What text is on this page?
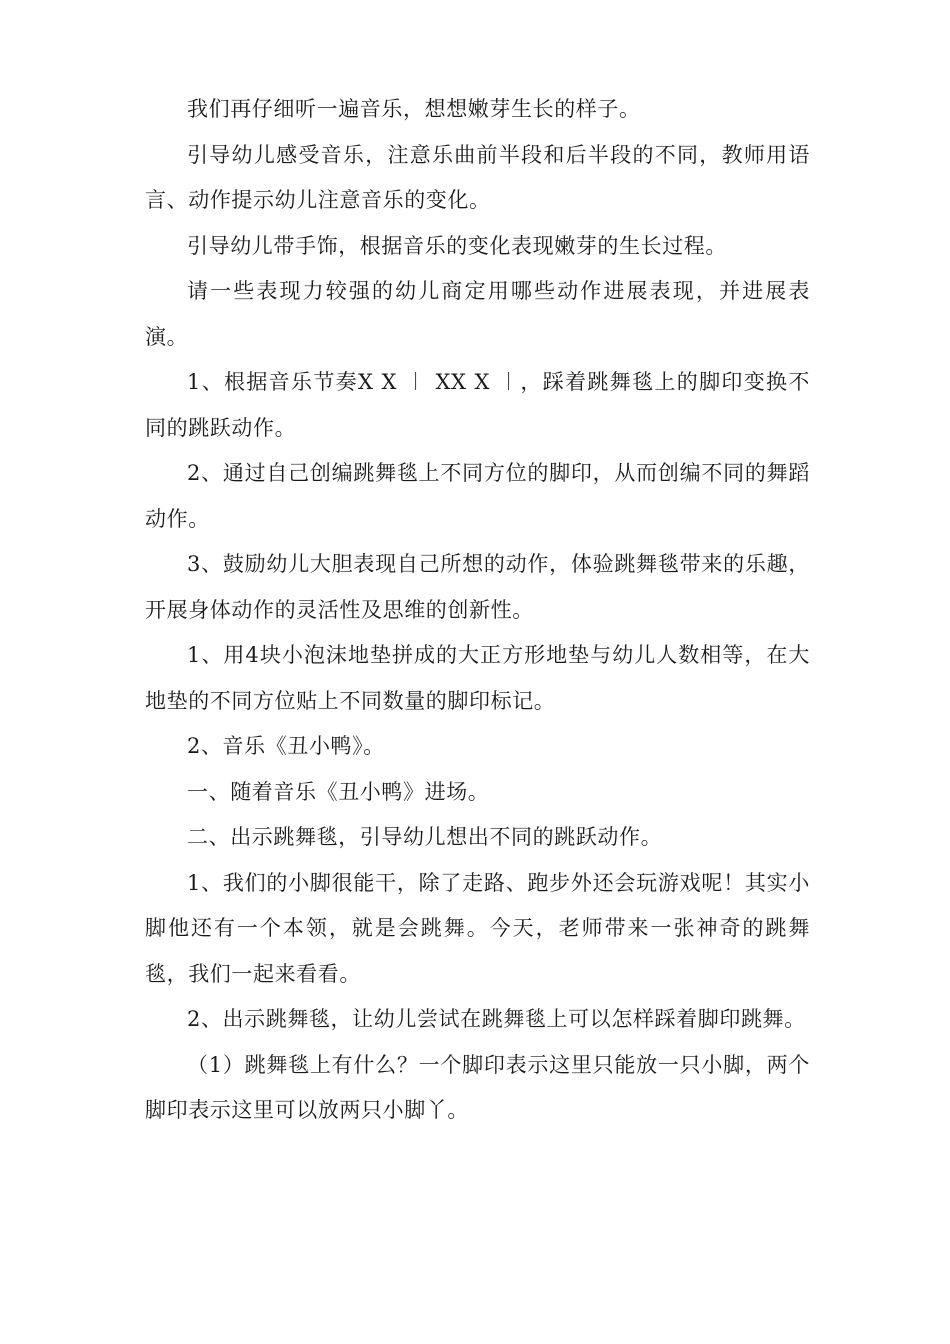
我们再仔细听一遍音乐，想想嫩芽生长的样子。

引导幼儿感受音乐，注意乐曲前半段和后半段的不同，教师用语言、动作提示幼儿注意音乐的变化。

引导幼儿带手饰，根据音乐的变化表现嫩芽的生长过程。

请一些表现力较强的幼儿商定用哪些动作进展表现，并进展表演。

1、根据音乐节奏X X ︱ XX X ︱，踩着跳舞毯上的脚印变换不同的跳跃动作。

2、通过自己创编跳舞毯上不同方位的脚印，从而创编不同的舞蹈动作。

3、鼓励幼儿大胆表现自己所想的动作，体验跳舞毯带来的乐趣，开展身体动作的灵活性及思维的创新性。

1、用4块小泡沫地垫拼成的大正方形地垫与幼儿人数相等，在大地垫的不同方位贴上不同数量的脚印标记。

2、音乐《丑小鸭》。

一、随着音乐《丑小鸭》进场。

二、出示跳舞毯，引导幼儿想出不同的跳跃动作。

1、我们的小脚很能干，除了走路、跑步外还会玩游戏呢！其实小脚他还有一个本领，就是会跳舞。今天，老师带来一张神奇的跳舞毯，我们一起来看看。

2、出示跳舞毯，让幼儿尝试在跳舞毯上可以怎样踩着脚印跳舞。

（1）跳舞毯上有什么？一个脚印表示这里只能放一只小脚，两个脚印表示这里可以放两只小脚丫。
